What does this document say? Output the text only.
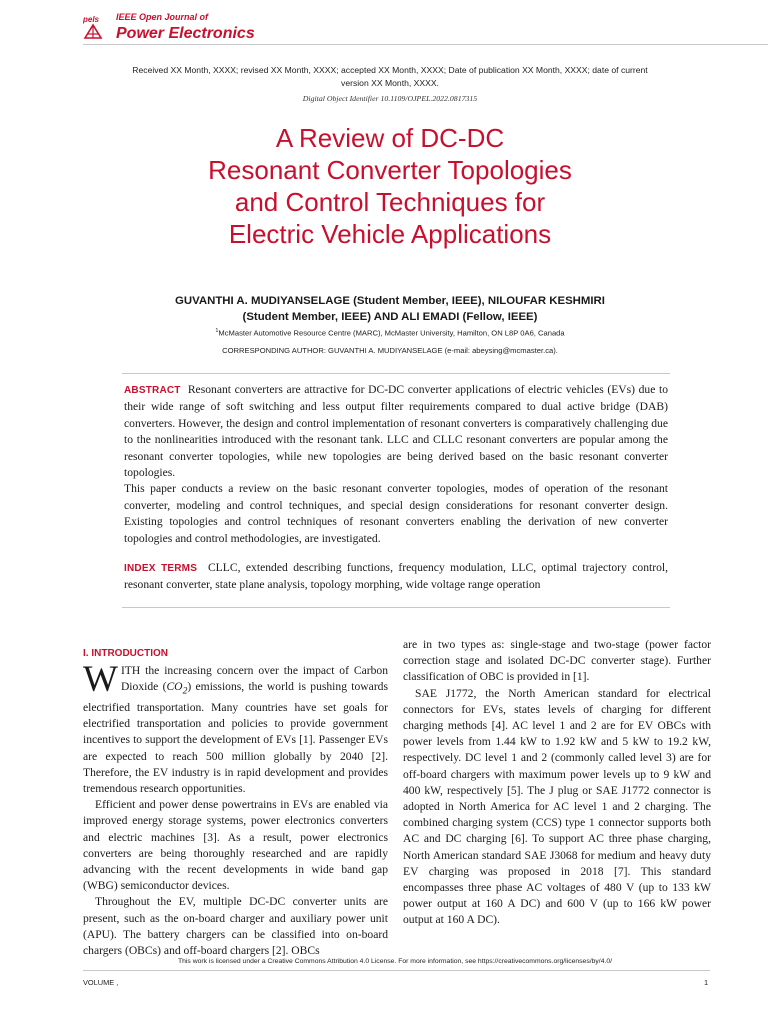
pels IEEE Open Journal of
Power Electronics
Received XX Month, XXXX; revised XX Month, XXXX; accepted XX Month, XXXX; Date of publication XX Month, XXXX; date of current version XX Month, XXXX.
Digital Object Identifier 10.1109/OJPEL.2022.0817315
A Review of DC-DC
Resonant Converter Topologies
and Control Techniques for
Electric Vehicle Applications
GUVANTHI A. MUDIYANSELAGE (Student Member, IEEE), NILOUFAR KESHMIRI
(Student Member, IEEE) AND ALI EMADI (Fellow, IEEE)
$^1$McMaster Automotive Resource Centre (MARC), McMaster University, Hamilton, ON L8P 0A6, Canada
CORRESPONDING AUTHOR: GUVANTHI A. MUDIYANSELAGE (e-mail: abeysing@mcmaster.ca).

ABSTRACT Resonant converters are attractive for DC-DC converter applications of electric vehicles (EVs) due to their wide range of soft switching and less output filter requirements compared to dual active bridge (DAB) converters. However, the design and control implementation of resonant converters is comparatively challenging due to the nonlinearities introduced with the resonant tank. LLC and CLLC resonant converters are popular among the resonant converter topologies, while new topologies are being derived based on the basic resonant converter topologies.

This paper conducts a review on the basic resonant converter topologies, modes of operation of the resonant converter, modeling and control techniques, and special design considerations for resonant converter design. Existing topologies and control techniques of resonant converters enabling the derivation of new converter topologies and control methodologies, are investigated.

INDEX TERMS CLLC, extended describing functions, frequency modulation, LLC, optimal trajectory control, resonant converter, state plane analysis, topology morphing, wide voltage range operation
I. INTRODUCTION

WITH the increasing concern over the impact of Carbon Dioxide $(CO_2)$ emissions, the world is pushing towards electrified transportation. Many countries have set goals for electrified transportation and policies to provide government incentives to support the development of EVs [1]. Passenger EVs are expected to reach 500 million globally by 2040 [2]. Therefore, the EV industry is in rapid development and provides tremendous research opportunities.

Efficient and power dense powertrains in EVs are enabled via improved energy storage systems, power electronics converters and electric machines [3]. As a result, power electronics converters are being thoroughly researched and are rapidly advancing with the recent developments in wide band gap (WBG) semiconductor devices.

Throughout the EV, multiple DC-DC converter units are present, such as the on-board charger and auxiliary power unit (APU). The battery chargers can be classified into on-board chargers (OBCs) and off-board chargers [2]. OBCs

are in two types as: single-stage and two-stage (power factor correction stage and isolated DC-DC converter stage). Further classification of OBC is provided in [1].

SAE J1772, the North American standard for electrical connectors for EVs, states levels of charging for different charging methods [4]. AC level 1 and 2 are for EV OBCs with power levels from 1.44 kW to 1.92 kW and 5 kW to 19.2 kW, respectively. DC level 1 and 2 (commonly called level 3) are for off-board chargers with maximum power levels up to 9 kW and 400 kW, respectively [5]. The J plug or SAE J1772 connector is adopted in North America for AC level 1 and 2 charging. The combined charging system (CCS) type 1 connector supports both AC and DC charging [6]. To support AC three phase charging, North American standard SAE J3068 for medium and heavy duty EV charging was proposed in 2018 [7]. This standard encompasses three phase AC voltages of 480 V (up to 133 kW power output at 160 A DC) and 600 V (up to 166 kW power output at 160 A DC).

This work is licensed under a Creative Commons Attribution 4.0 License. For more information, see https://creativecommons.org/licenses/by/4.0/
VOLUME ,	1
